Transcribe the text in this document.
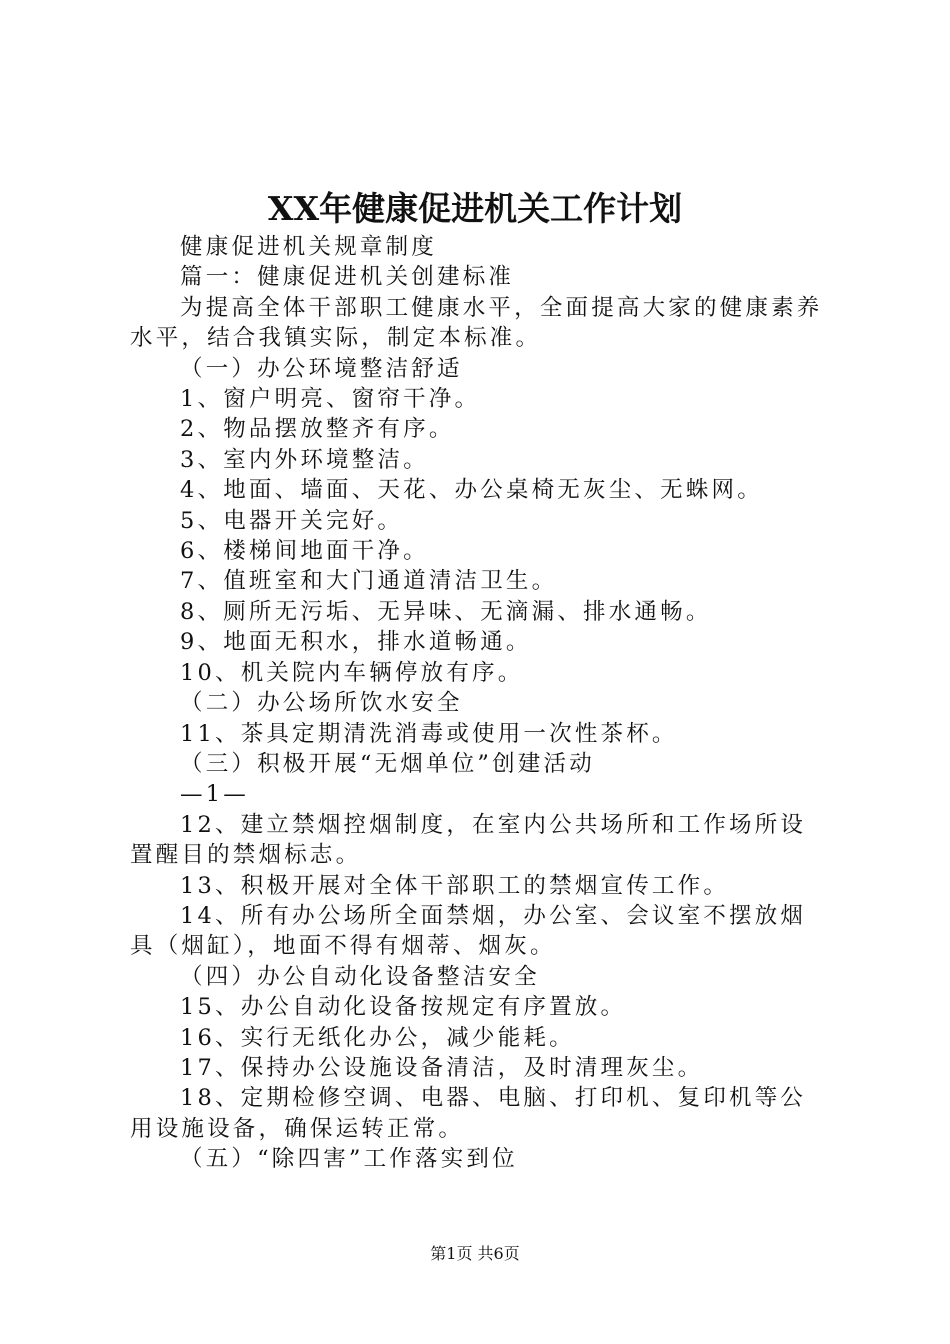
XX年健康促进机关工作计划

健康促进机关规章制度

篇一：健康促进机关创建标准

为提高全体干部职工健康水平，全面提高大家的健康素养水平，结合我镇实际，制定本标准。

（一）办公环境整洁舒适

1、窗户明亮、窗帘干净。

2、物品摆放整齐有序。

3、室内外环境整洁。

4、地面、墙面、天花、办公桌椅无灰尘、无蛛网。

5、电器开关完好。

6、楼梯间地面干净。

7、值班室和大门通道清洁卫生。

8、厕所无污垢、无异味、无滴漏、排水通畅。

9、地面无积水，排水道畅通。

10、机关院内车辆停放有序。

（二）办公场所饮水安全

11、茶具定期清洗消毒或使用一次性茶杯。

（三）积极开展“无烟单位”创建活动

—1—

12、建立禁烟控烟制度，在室内公共场所和工作场所设置醒目的禁烟标志。

13、积极开展对全体干部职工的禁烟宣传工作。

14、所有办公场所全面禁烟，办公室、会议室不摆放烟具（烟缸），地面不得有烟蒂、烟灰。

（四）办公自动化设备整洁安全

15、办公自动化设备按规定有序置放。

16、实行无纸化办公，减少能耗。

17、保持办公设施设备清洁，及时清理灰尘。

18、定期检修空调、电器、电脑、打印机、复印机等公用设施设备，确保运转正常。

（五）“除四害”工作落实到位

第1页 共6页
